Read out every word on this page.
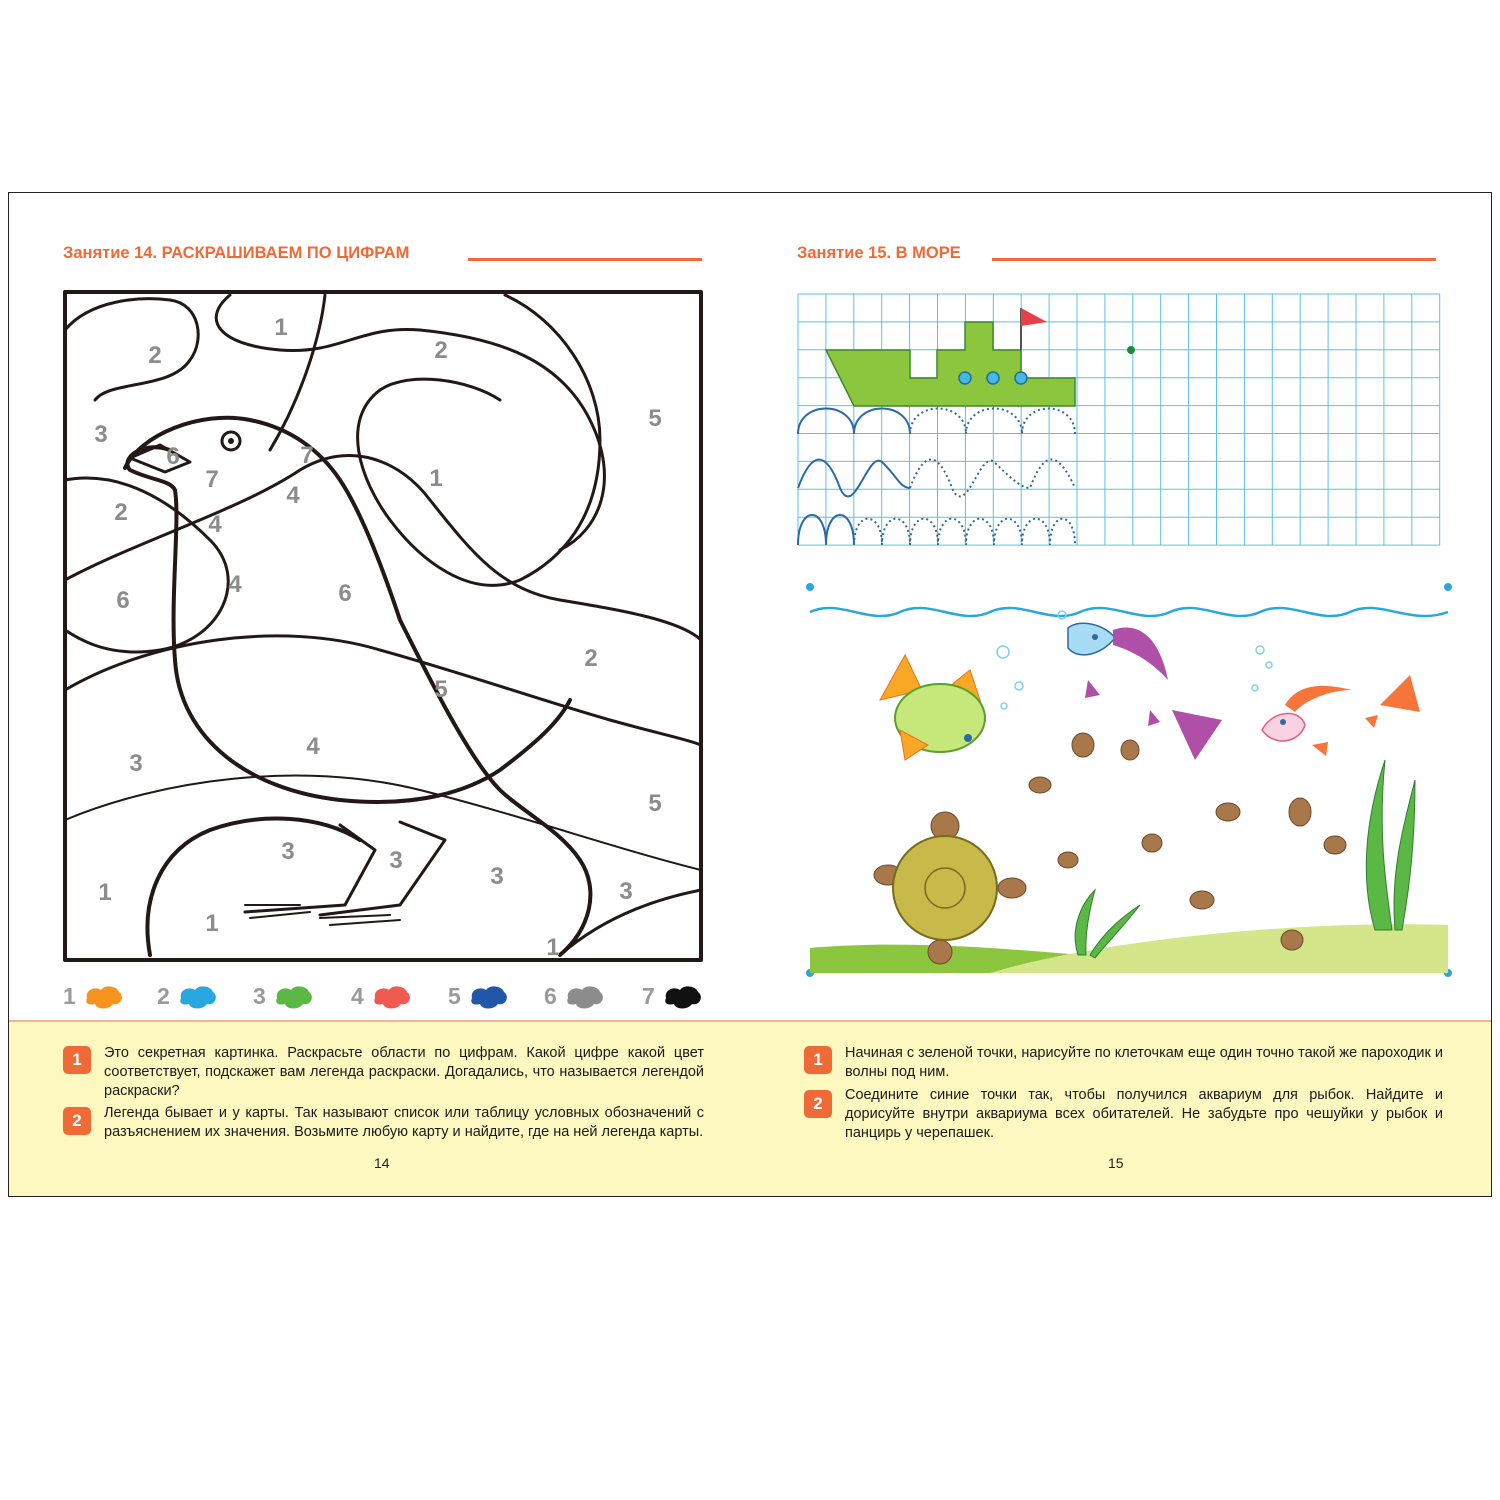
Занятие 14. РАСКРАШИВАЕМ ПО ЦИФРАМ
2
1
2
5
3
6	7
7
4
1
2	4
6
4	6
2
5
3
4
5
3	3
3
3
1
1
1
1	2	3	4	5	6	7
1	Это секретная картинка. Раскрасьте области по цифрам. Какой цифре какой цвет соответствует, подскажет вам легенда раскраски. Догадались, что называется легендой раскраски?
2	Легенда бывает и у карты. Так называют список или таблицу условных обозначений с разъяснением их значения. Возьмите любую карту и найдите, где на ней легенда карты.
14
Занятие 15. В МОРЕ
1	Начиная с зеленой точки, нарисуйте по клеточкам еще один точно такой же пароходик и волны под ним.
2	Соедините синие точки так, чтобы получился аквариум для рыбок. Найдите и дорисуйте внутри аквариума всех обитателей. Не забудьте про чешуйки у рыбок и панцирь у черепашек.
15
